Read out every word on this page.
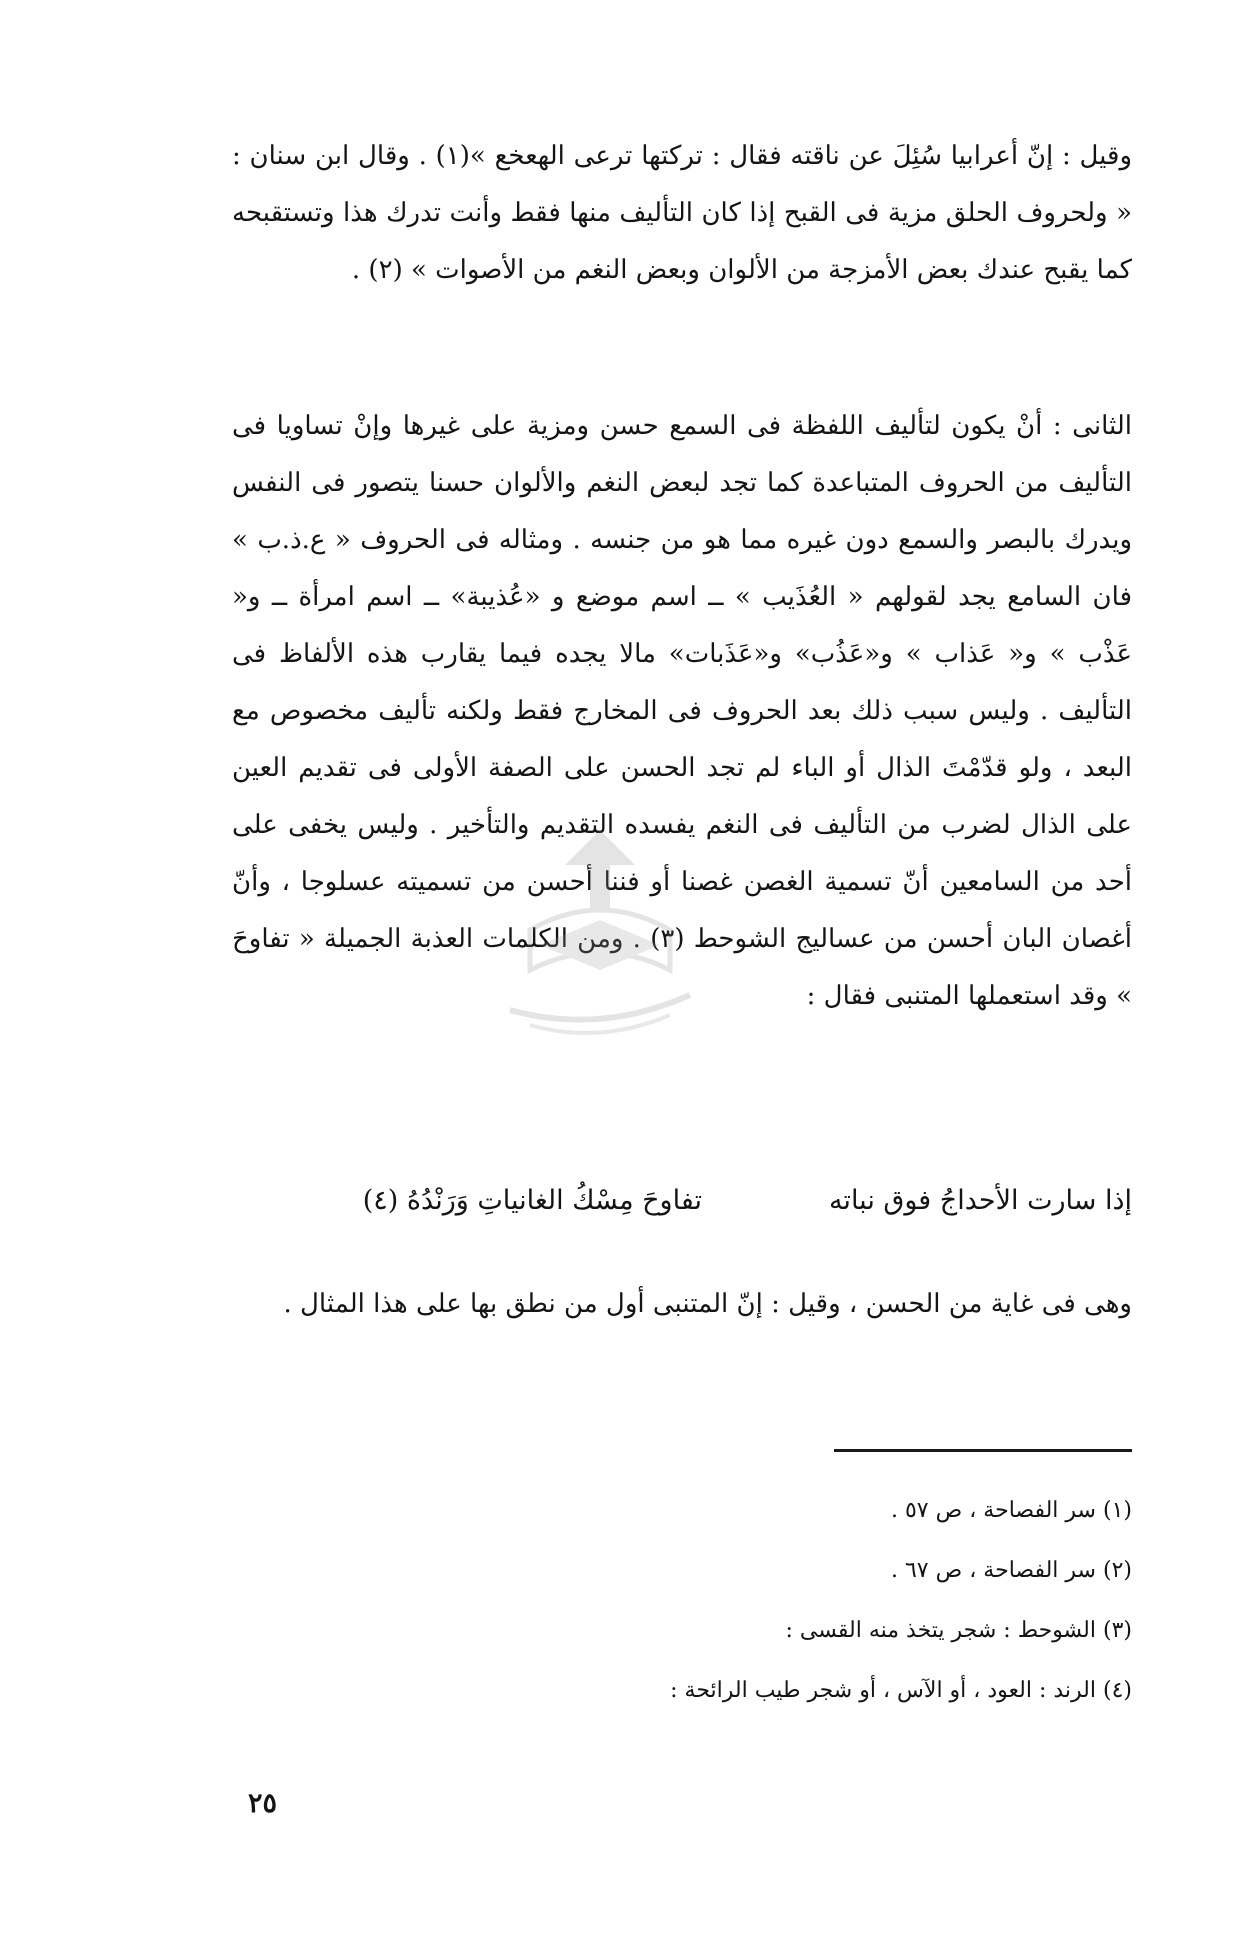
وقيل : إنّ أعرابيا سُئِلَ عن ناقته فقال : تركتها ترعى الهعخع »(١) . وقال ابن سنان : « ولحروف الحلق مزية فى القبح إذا كان التأليف منها فقط وأنت تدرك هذا وتستقبحه كما يقبح عندك بعض الأمزجة من الألوان وبعض النغم من الأصوات » (٢) .

الثانى : أنْ يكون لتأليف اللفظة فى السمع حسن ومزية على غيرها وإنْ تساويا فى التأليف من الحروف المتباعدة كما تجد لبعض النغم والألوان حسنا يتصور فى النفس ويدرك بالبصر والسمع دون غيره مما هو من جنسه . ومثاله فى الحروف « ع.ذ.ب » فان السامع يجد لقولهم « العُذَيب » ــ اسم موضع و «عُذيبة» ــ اسم امرأة ــ و« عَذْب » و« عَذاب » و«عَذُب» و«عَذَبات» مالا يجده فيما يقارب هذه الألفاظ فى التأليف . وليس سبب ذلك بعد الحروف فى المخارج فقط ولكنه تأليف مخصوص مع البعد ، ولو قدّمْتَ الذال أو الباء لم تجد الحسن على الصفة الأولى فى تقديم العين على الذال لضرب من التأليف فى النغم يفسده التقديم والتأخير . وليس يخفى على أحد من السامعين أنّ تسمية الغصن غصنا أو فننا أحسن من تسميته عسلوجا ، وأنّ أغصان البان أحسن من عساليج الشوحط (٣) . ومن الكلمات العذبة الجميلة « تفاوحَ » وقد استعملها المتنبى فقال :

إذا سارت الأحداجُ فوق نباته
تفاوحَ مِسْكُ الغانياتِ وَرَنْدُهُ (٤)

وهى فى غاية من الحسن ، وقيل : إنّ المتنبى أول من نطق بها على هذا المثال .

(١) سر الفصاحة ، ص ٥٧ .
(٢) سر الفصاحة ، ص ٦٧ .
(٣) الشوحط : شجر يتخذ منه القسى :
(٤) الرند : العود ، أو الآس ، أو شجر طيب الرائحة :
٢٥
